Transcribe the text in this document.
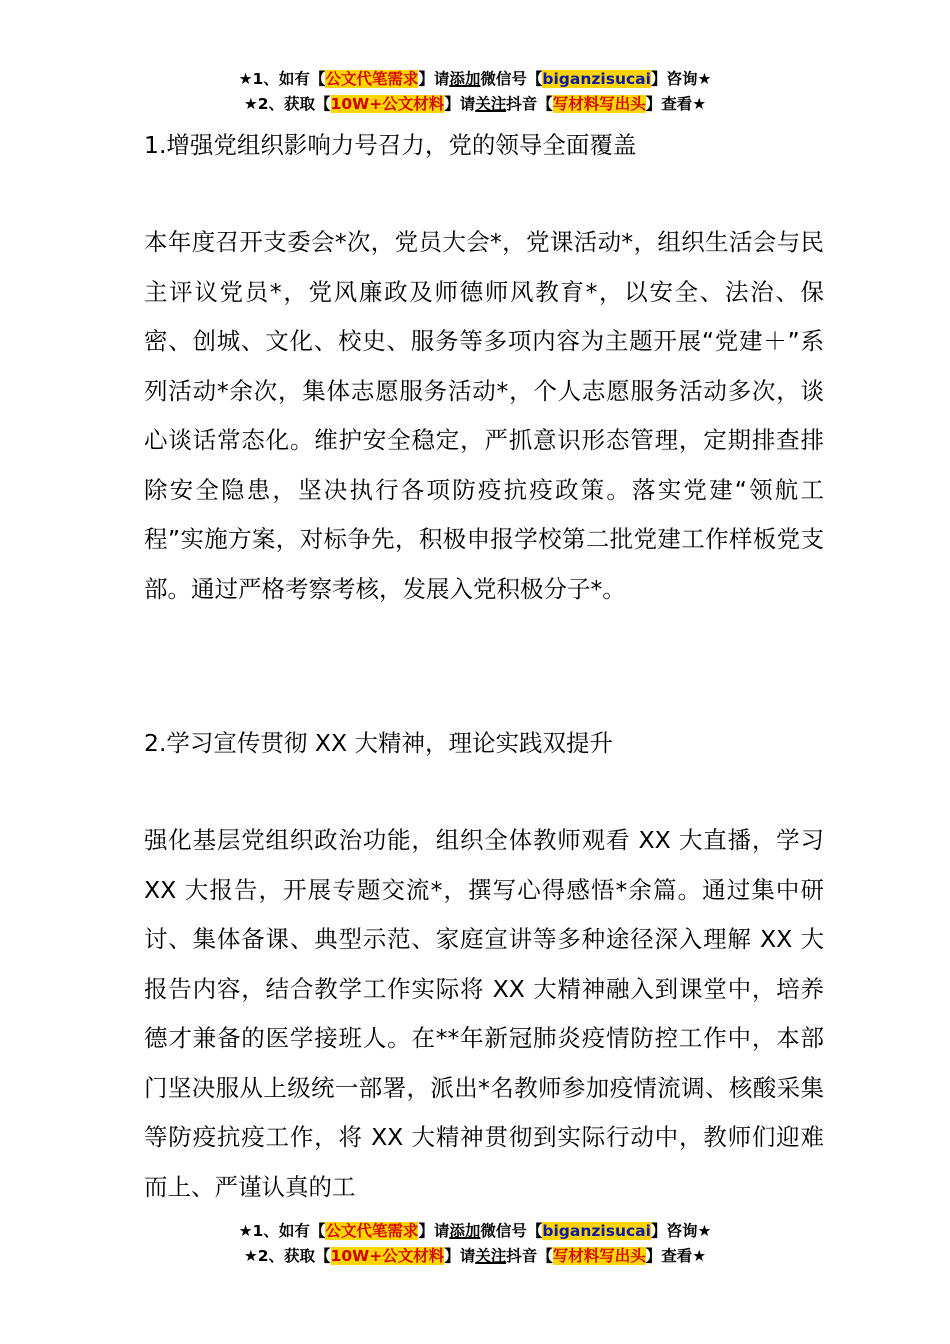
★1、如有【公文代笔需求】请添加微信号【biganzisucai】咨询★
★2、获取【10W+公文材料】请关注抖音【写材料写出头】查看★
1.增强党组织影响力号召力，党的领导全面覆盖
本年度召开支委会*次，党员大会*，党课活动*，组织生活会与民主评议党员*，党风廉政及师德师风教育*，以安全、法治、保密、创城、文化、校史、服务等多项内容为主题开展“党建＋”系列活动*余次，集体志愿服务活动*，个人志愿服务活动多次，谈心谈话常态化。维护安全稳定，严抓意识形态管理，定期排查排除安全隐患，坚决执行各项防疫抗疫政策。落实党建“领航工程”实施方案，对标争先，积极申报学校第二批党建工作样板党支部。通过严格考察考核，发展入党积极分子*。
2.学习宣传贯彻 XX 大精神，理论实践双提升
强化基层党组织政治功能，组织全体教师观看 XX 大直播，学习 XX 大报告，开展专题交流*，撰写心得感悟*余篇。通过集中研讨、集体备课、典型示范、家庭宣讲等多种途径深入理解 XX 大报告内容，结合教学工作实际将 XX 大精神融入到课堂中，培养德才兼备的医学接班人。在**年新冠肺炎疫情防控工作中，本部门坚决服从上级统一部署，派出*名教师参加疫情流调、核酸采集等防疫抗疫工作，将 XX 大精神贯彻到实际行动中，教师们迎难而上、严谨认真的工
★1、如有【公文代笔需求】请添加微信号【biganzisucai】咨询★
★2、获取【10W+公文材料】请关注抖音【写材料写出头】查看★
